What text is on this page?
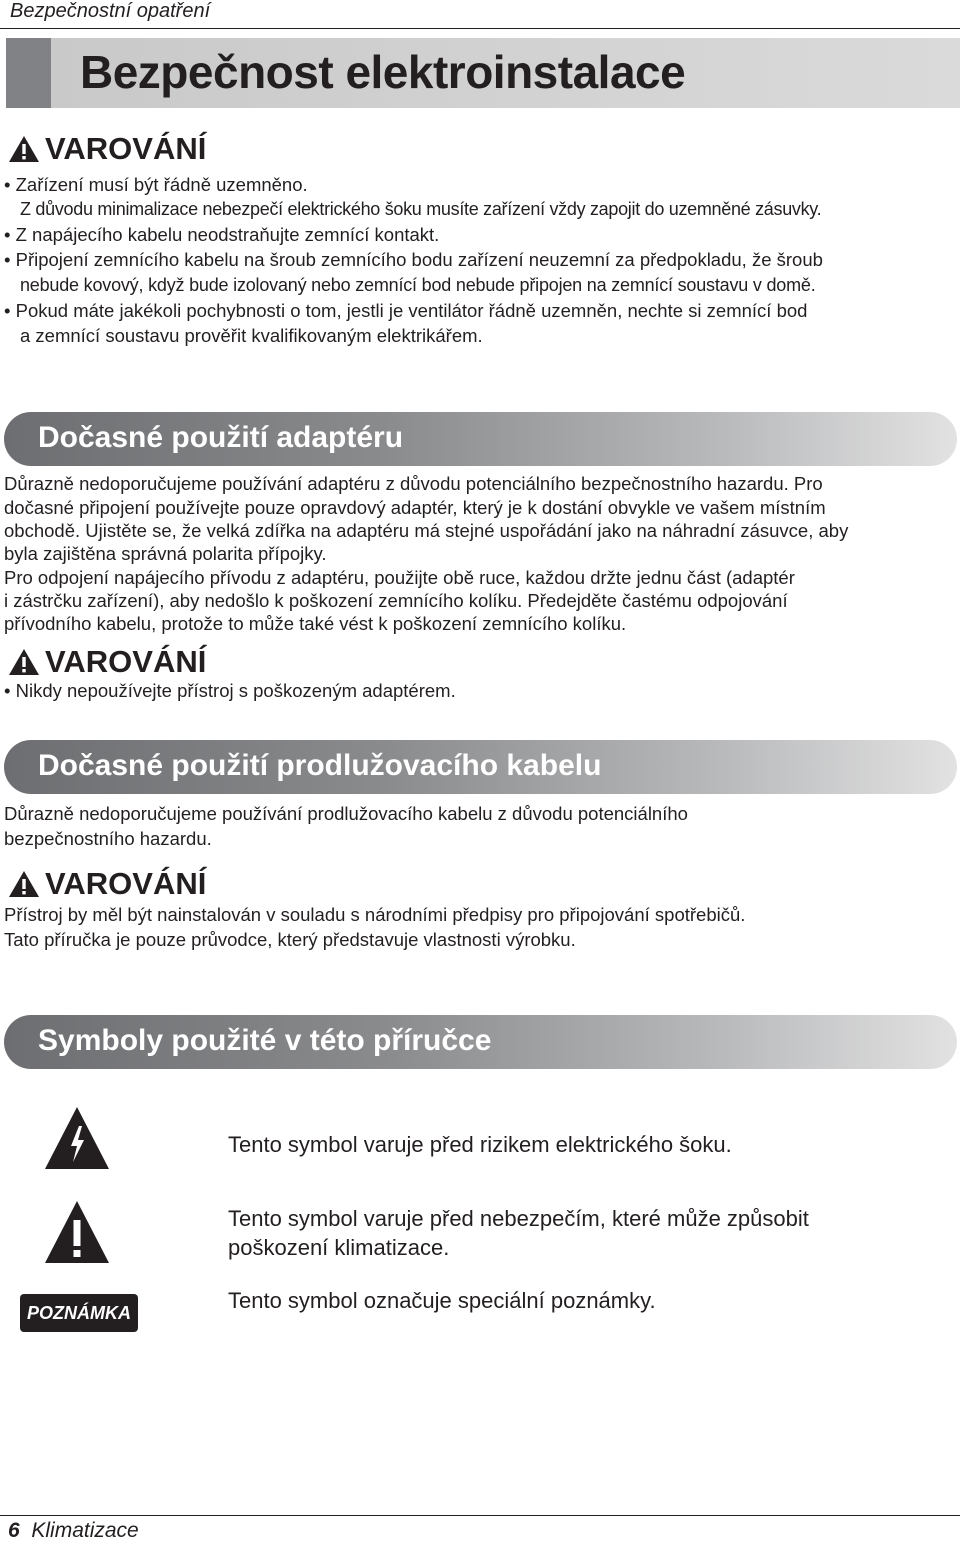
Bezpečnostní opatření
Bezpečnost elektroinstalace
VAROVÁNÍ
• Zařízení musí být řádně uzemněno.
Z důvodu minimalizace nebezpečí elektrického šoku musíte zařízení vždy zapojit do uzemněné zásuvky.
• Z napájecího kabelu neodstraňujte zemnící kontakt.
• Připojení zemnícího kabelu na šroub zemnícího bodu zařízení neuzemní za předpokladu, že šroub
nebude kovový, když bude izolovaný nebo zemnící bod nebude připojen na zemnící soustavu v domě.
• Pokud máte jakékoli pochybnosti o tom, jestli je ventilátor řádně uzemněn, nechte si zemnící bod
a zemnící soustavu prověřit kvalifikovaným elektrikářem.
Dočasné použití adaptéru
Důrazně nedoporučujeme používání adaptéru z důvodu potenciálního bezpečnostního hazardu. Pro
dočasné připojení používejte pouze opravdový adaptér, který je k dostání obvykle ve vašem místním
obchodě. Ujistěte se, že velká zdířka na adaptéru má stejné uspořádání jako na náhradní zásuvce, aby
byla zajištěna správná polarita přípojky.
Pro odpojení napájecího přívodu z adaptéru, použijte obě ruce, každou držte jednu část (adaptér
i zástrčku zařízení), aby nedošlo k poškození zemnícího kolíku. Předejděte častému odpojování
přívodního kabelu, protože to může také vést k poškození zemnícího kolíku.
VAROVÁNÍ
• Nikdy nepoužívejte přístroj s poškozeným adaptérem.
Dočasné použití prodlužovacího kabelu
Důrazně nedoporučujeme používání prodlužovacího kabelu z důvodu potenciálního
bezpečnostního hazardu.
VAROVÁNÍ
Přístroj by měl být nainstalován v souladu s národními předpisy pro připojování spotřebičů.
Tato příručka je pouze průvodce, který představuje vlastnosti výrobku.
Symboly použité v této příručce
Tento symbol varuje před rizikem elektrického šoku.
Tento symbol varuje před nebezpečím, které může způsobit
poškození klimatizace.
POZNÁMKA	Tento symbol označuje speciální poznámky.
6 Klimatizace
